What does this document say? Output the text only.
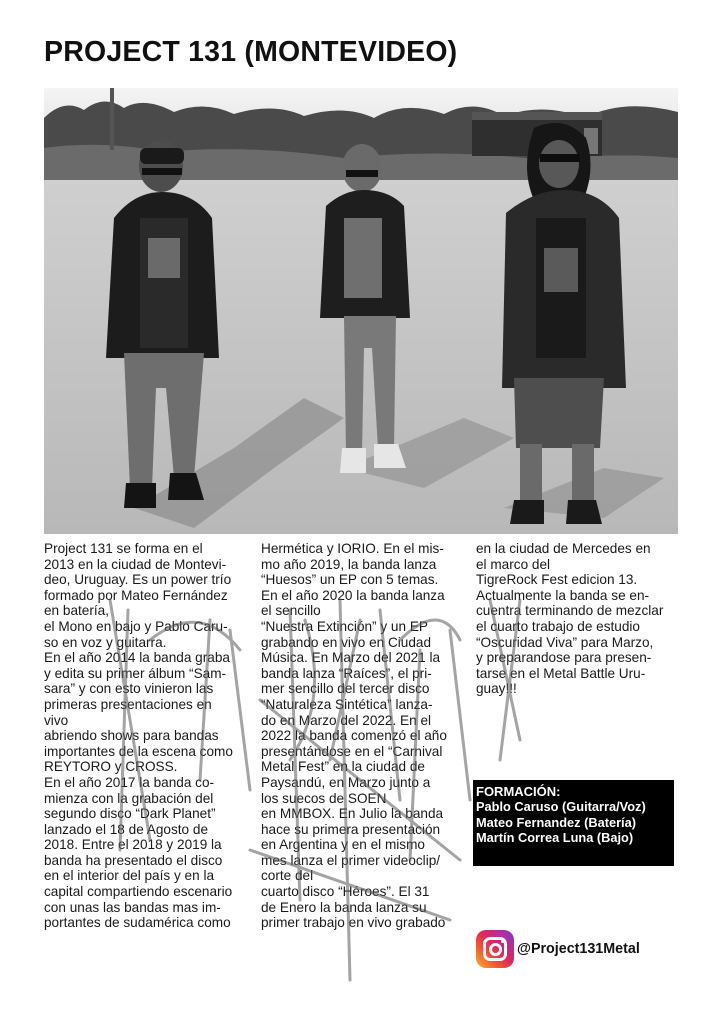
PROJECT 131 (MONTEVIDEO)
Project 131 se forma en el
2013 en la ciudad de Montevi-
deo, Uruguay. Es un power trío
formado por Mateo Fernández
en batería,
el Mono en bajo y Pablo Caru-
so en voz y guitarra.
En el año 2014 la banda graba
y edita su primer álbum “Sam-
sara” y con esto vinieron las
primeras presentaciones en
vivo
abriendo shows para bandas
importantes de la escena como
REYTORO y CROSS.
En el año 2017 la banda co-
mienza con la grabación del
segundo disco “Dark Planet”
lanzado el 18 de Agosto de
2018. Entre el 2018 y 2019 la
banda ha presentado el disco
en el interior del país y en la
capital compartiendo escenario
con unas las bandas mas im-
portantes de sudamérica como
Hermética y IORIO. En el mis-
mo año 2019, la banda lanza
“Huesos” un EP con 5 temas.
En el año 2020 la banda lanza
el sencillo
“Nuestra Extinción” y un EP
grabando en vivo en Ciudad
Música. En Marzo del 2021 la
banda lanza “Raíces”, el pri-
mer sencillo del tercer disco
“Naturaleza Sintética” lanza-
do en Marzo del 2022. En el
2022 la banda comenzó el año
presentándose en el “Carnival
Metal Fest” en la ciudad de
Paysandú, en Marzo junto a
los suecos de SOEN
en MMBOX. En Julio la banda
hace su primera presentación
en Argentina y en el mismo
mes lanza el primer videoclip/
corte del
cuarto disco “Héroes”. El 31
de Enero la banda lanza su
primer trabajo en vivo grabado
en la ciudad de Mercedes en
el marco del
TigreRock Fest edicion 13.
Actualmente la banda se en-
cuentra terminando de mezclar
el cuarto trabajo de estudio
“Oscuridad Viva” para Marzo,
y preparandose para presen-
tarse en el Metal Battle Uru-
guay!!!
FORMACIÓN:
Pablo Caruso (Guitarra/Voz)
Mateo Fernandez (Batería)
Martín Correa Luna (Bajo)
@Project131Metal
